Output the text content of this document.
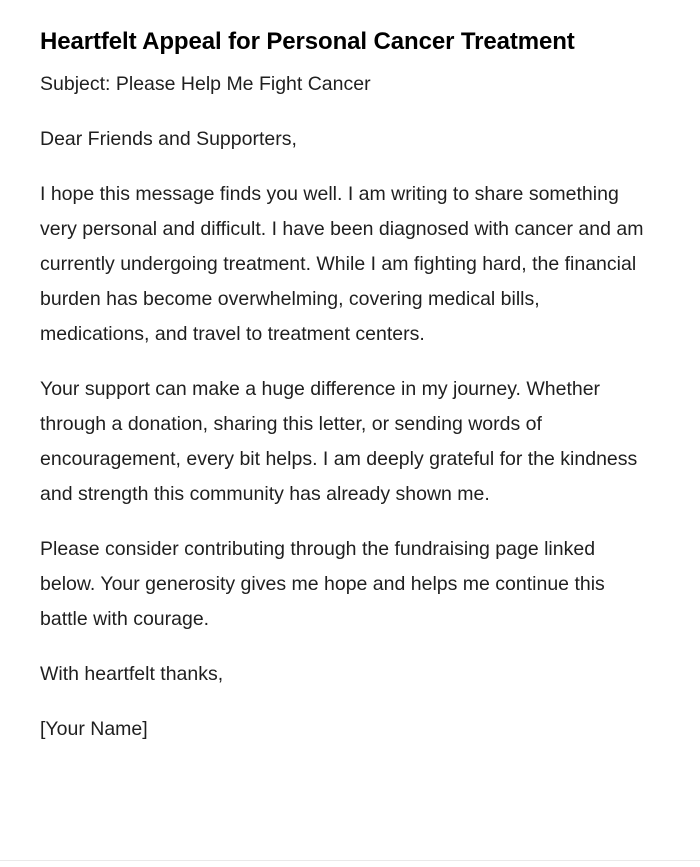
Heartfelt Appeal for Personal Cancer Treatment

Subject: Please Help Me Fight Cancer

Dear Friends and Supporters,

I hope this message finds you well. I am writing to share something very personal and difficult. I have been diagnosed with cancer and am currently undergoing treatment. While I am fighting hard, the financial burden has become overwhelming, covering medical bills, medications, and travel to treatment centers.

Your support can make a huge difference in my journey. Whether through a donation, sharing this letter, or sending words of encouragement, every bit helps. I am deeply grateful for the kindness and strength this community has already shown me.

Please consider contributing through the fundraising page linked below. Your generosity gives me hope and helps me continue this battle with courage.

With heartfelt thanks,

[Your Name]
